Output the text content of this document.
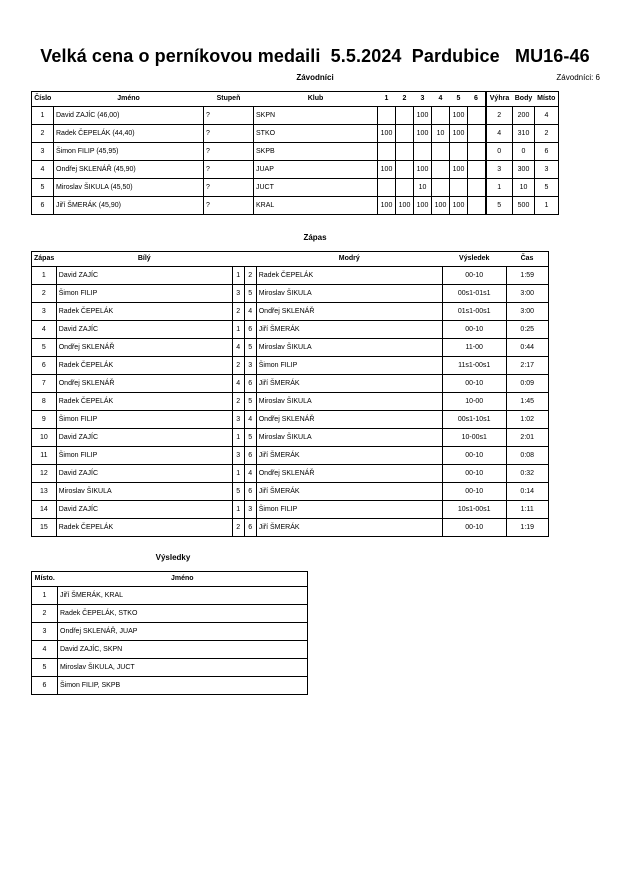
Velká cena o perníkovou medaili  5.5.2024  Pardubice   MU16-46
Závodníci	Závodníci: 6
Číslo	Jméno	Stupeň	Klub	1	2	3	4	5	6	Výhra	Body	Místo
1	David ZAJÍC (46,00)	?	SKPN			100		100		2	200	4
2	Radek ČEPELÁK (44,40)	?	STKO	100		100	10	100		4	310	2
3	Šimon FILIP (45,95)	?	SKPB							0	0	6
4	Ondřej SKLENÁŘ (45,90)	?	JUAP	100		100		100		3	300	3
5	Miroslav ŠIKULA (45,50)	?	JUCT			10				1	10	5
6	Jiří ŠMERÁK (45,90)	?	KRAL	100	100	100	100	100		5	500	1
Zápas
Zápas	Bílý			Modrý	Výsledek	Čas
1	David ZAJÍC	1	2	Radek ČEPELÁK	00-10	1:59
2	Šimon FILIP	3	5	Miroslav ŠIKULA	00s1-01s1	3:00
3	Radek ČEPELÁK	2	4	Ondřej SKLENÁŘ	01s1-00s1	3:00
4	David ZAJÍC	1	6	Jiří ŠMERÁK	00-10	0:25
5	Ondřej SKLENÁŘ	4	5	Miroslav ŠIKULA	11-00	0:44
6	Radek ČEPELÁK	2	3	Šimon FILIP	11s1-00s1	2:17
7	Ondřej SKLENÁŘ	4	6	Jiří ŠMERÁK	00-10	0:09
8	Radek ČEPELÁK	2	5	Miroslav ŠIKULA	10-00	1:45
9	Šimon FILIP	3	4	Ondřej SKLENÁŘ	00s1-10s1	1:02
10	David ZAJÍC	1	5	Miroslav ŠIKULA	10-00s1	2:01
11	Šimon FILIP	3	6	Jiří ŠMERÁK	00-10	0:08
12	David ZAJÍC	1	4	Ondřej SKLENÁŘ	00-10	0:32
13	Miroslav ŠIKULA	5	6	Jiří ŠMERÁK	00-10	0:14
14	David ZAJÍC	1	3	Šimon FILIP	10s1-00s1	1:11
15	Radek ČEPELÁK	2	6	Jiří ŠMERÁK	00-10	1:19
Výsledky
Místo.	Jméno
1	Jiří ŠMERÁK, KRAL
2	Radek ČEPELÁK, STKO
3	Ondřej SKLENÁŘ, JUAP
4	David ZAJÍC, SKPN
5	Miroslav ŠIKULA, JUCT
6	Šimon FILIP, SKPB
